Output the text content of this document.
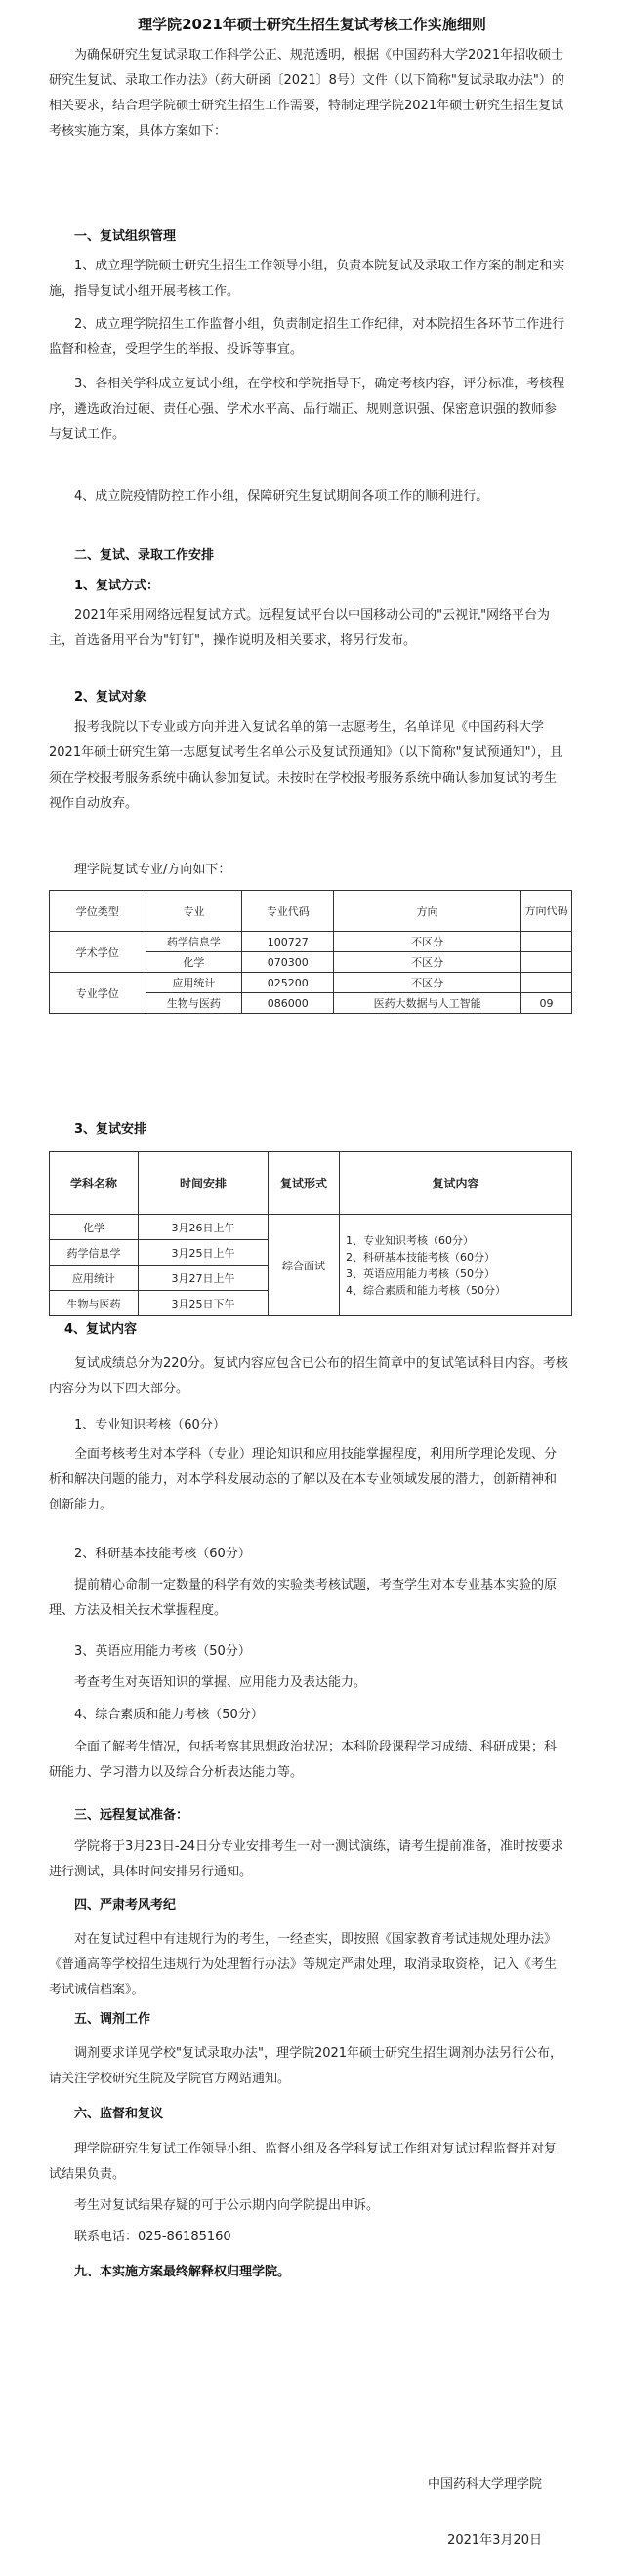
理学院2021年硕士研究生招生复试考核工作实施细则

为确保研究生复试录取工作科学公正、规范透明，根据《中国药科大学2021年招收硕士研究生复试、录取工作办法》（药大研函〔2021〕8号）文件（以下简称"复试录取办法"）的相关要求，结合理学院硕士研究生招生工作需要，特制定理学院2021年硕士研究生招生复试考核实施方案，具体方案如下：

一、复试组织管理

1、成立理学院硕士研究生招生工作领导小组，负责本院复试及录取工作方案的制定和实施，指导复试小组开展考核工作。

2、成立理学院招生工作监督小组，负责制定招生工作纪律，对本院招生各环节工作进行监督和检查，受理学生的举报、投诉等事宜。

3、各相关学科成立复试小组，在学校和学院指导下，确定考核内容，评分标准，考核程序，遴选政治过硬、责任心强、学术水平高、品行端正、规则意识强、保密意识强的教师参与复试工作。

4、成立院疫情防控工作小组，保障研究生复试期间各项工作的顺利进行。

二、复试、录取工作安排

1、复试方式：

2021年采用网络远程复试方式。远程复试平台以中国移动公司的"云视讯"网络平台为主，首选备用平台为"钉钉"，操作说明及相关要求，将另行发布。

2、复试对象

报考我院以下专业或方向并进入复试名单的第一志愿考生，名单详见《中国药科大学2021年硕士研究生第一志愿复试考生名单公示及复试预通知》（以下简称"复试预通知"），且须在学校报考服务系统中确认参加复试。未按时在学校报考服务系统中确认参加复试的考生视作自动放弃。

理学院复试专业/方向如下：

学位类型	专业	专业代码	方向	方向代码
学术学位	药学信息学	100727	不区分	
	化学	070300	不区分	
专业学位	应用统计	025200	不区分	
	生物与医药	086000	医药大数据与人工智能	09

3、复试安排

学科名称	时间安排	复试形式	复试内容
化学	3月26日上午	综合面试	1、专业知识考核（60分）
2、科研基本技能考核（60分）
3、英语应用能力考核（50分）
4、综合素质和能力考核（50分）

药学信息学	3月25日上午		
应用统计	3月27日上午		
生物与医药	3月25日下午		

4、复试内容

复试成绩总分为220分。复试内容应包含已公布的招生简章中的复试笔试科目内容。考核内容分为以下四大部分。

1、专业知识考核（60分）

全面考核考生对本学科（专业）理论知识和应用技能掌握程度，利用所学理论发现、分析和解决问题的能力，对本学科发展动态的了解以及在本专业领域发展的潜力，创新精神和创新能力。

2、科研基本技能考核（60分）

提前精心命制一定数量的科学有效的实验类考核试题，考查学生对本专业基本实验的原理、方法及相关技术掌握程度。

3、英语应用能力考核（50分）

考查考生对英语知识的掌握、应用能力及表达能力。

4、综合素质和能力考核（50分）

全面了解考生情况，包括考察其思想政治状况；本科阶段课程学习成绩、科研成果；科研能力、学习潜力以及综合分析表达能力等。

三、远程复试准备：

学院将于3月23日-24日分专业安排考生一对一测试演练，请考生提前准备，准时按要求进行测试，具体时间安排另行通知。

四、严肃考风考纪

对在复试过程中有违规行为的考生，一经查实，即按照《国家教育考试违规处理办法》《普通高等学校招生违规行为处理暂行办法》等规定严肃处理，取消录取资格，记入《考生考试诚信档案》。

五、调剂工作

调剂要求详见学校"复试录取办法"，理学院2021年硕士研究生招生调剂办法另行公布，请关注学校研究生院及学院官方网站通知。

六、监督和复议

理学院研究生复试工作领导小组、监督小组及各学科复试工作组对复试过程监督并对复试结果负责。

考生对复试结果存疑的可于公示期内向学院提出申诉。

联系电话：025-86185160

九、本实施方案最终解释权归理学院。

中国药科大学理学院
2021年3月20日
